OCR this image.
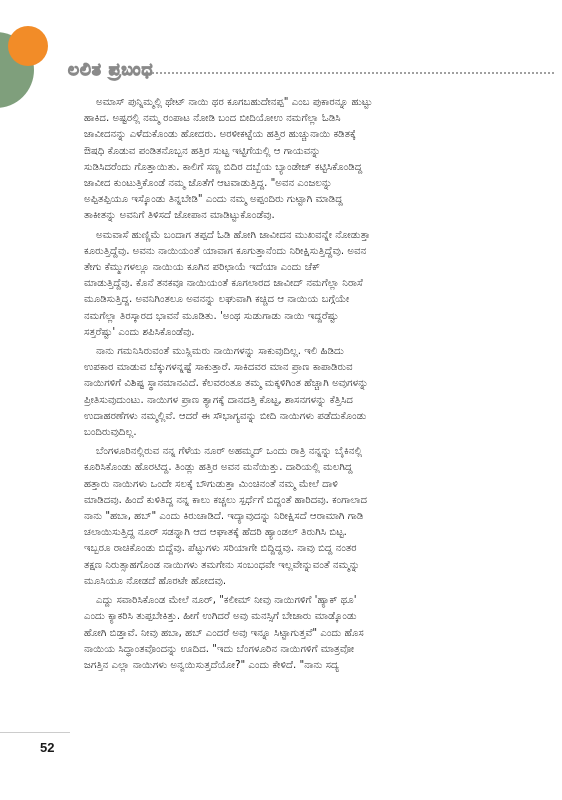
ಲಲಿತ ಪ್ರಬಂಧ
ಅಮಾಸ್ ಪುನ್ನಿಮ್ಮಲ್ಲಿ ಥೇಟ್ ನಾಯಿ ಥರ ಕೂಗಬಹುದೇನಪ್ಪ" ಎಂಬ ಪುಕಾರನ್ನೂ ಹುಟ್ಟು
ಹಾಕಿದ. ಅಷ್ಟರಲ್ಲಿ ನಮ್ಮ ರಂಪಾಟ ನೋಡಿ ಬಂದ ಬೀದಿಯೋಉ ನಮಗೆಲ್ಲಾ ಓಡಿಸಿ
ಜಾವೀದನನ್ನು ಎಳೆದುಕೊಂಡು ಹೋದರು. ಅರಳೀಕಟ್ಟೆಯ ಹತ್ತಿರ ಹುಚ್ಚುನಾಯಿ ಕಡಿತಕ್ಕೆ
ಔಷಧಿ ಕೊಡುವ ಪಂಡಿತನೊಬ್ಬನ ಹತ್ತಿರ ಸುಟ್ಟ ಇಟ್ಟಿಗೆಯಲ್ಲಿ ಆ ಗಾಯವನ್ನು
ಸುಡಿಸಿದರೆಂದು ಗೊತ್ತಾಯಿತು. ಕಾಲಿಗೆ ಸಣ್ಣ ಬಿದಿರ ದಬ್ಬೆಯ ಬ್ಯಾಂಡೇಜ್ ಕಟ್ಟಿಸಿಕೊಂಡಿದ್ದ
ಜಾವೀದ ಕುಂಟುತ್ತಿಕೊಂಡೆ ನಮ್ಮ ಜೊತೆಗೆ ಆಟವಾಡುತ್ತಿದ್ದ. "ಅವನ ಎಂಜಲನ್ನು
ಅಪ್ಪಿತಪ್ಪಿಯೂ ಇಸ್ಕೊಂಡು ತಿನ್ನಬೇಡಿ" ಎಂದು ನಮ್ಮ ಅಪ್ಪಂದಿರು ಗುಟ್ಟಾಗಿ ಮಾಡಿದ್ದ
ತಾಕೀತನ್ನು ಅವನಿಗೆ ತಿಳಿಸದೆ ಜೋಪಾನ ಮಾಡಿಟ್ಟುಕೊಂಡೆವು.
ಅಮವಾಸೆ ಹುಣ್ಣಿಮೆ ಬಂದಾಗ ತಪ್ಪದೆ ಓಡಿ ಹೋಗಿ ಜಾವೀದನ ಮುಖವನ್ನೇ ನೋಡುತ್ತಾ
ಕೂರುತ್ತಿದ್ದೆವು. ಅವನು ನಾಯಿಯಂತೆ ಯಾವಾಗ ಕೂಗುತ್ತಾನೆಂದು ನಿರೀಕ್ಷಿಸುತ್ತಿದ್ದೆವು. ಅವನ
ತೇಗು ಕೆಮ್ಮುಗಳಲ್ಲೂ ನಾಯಿಯ ಕೂಗಿನ ಪರಿಛಾಯೆ ಇದೆಯಾ ಎಂದು ಚೆಕ್
ಮಾಡುತ್ತಿದ್ದೆವು. ಕೊನೆ ತನಕವೂ ನಾಯಿಯಂತೆ ಕೂಗಲಾರದ ಜಾವೀದ್ ನಮಗೆಲ್ಲಾ ನಿರಾಸೆ
ಮೂಡಿಸುತ್ತಿದ್ದ. ಅವನಿಗಿಂತಲೂ ಅವನನ್ನು ಲಘುವಾಗಿ ಕಚ್ಚಿದ ಆ ನಾಯಿಯ ಬಗ್ಗೆಯೇ
ನಮಗೆಲ್ಲಾ ತಿರಸ್ಕಾರದ ಭಾವನೆ ಮೂಡಿತು. 'ಅಂಥ ಸುಡುಗಾಡು ನಾಯಿ ಇದ್ದರೆಷ್ಟು
ಸತ್ತರೆಷ್ಟು' ಎಂದು ಶಪಿಸಿಕೊಂಡೆವು.
ನಾನು ಗಮನಿಸಿರುವಂತೆ ಮುಸ್ಲಿಮರು ನಾಯಿಗಳನ್ನು ಸಾಕುವುದಿಲ್ಲ. ಇಲಿ ಹಿಡಿದು
ಉಪಕಾರ ಮಾಡುವ ಬೆಕ್ಕುಗಳನ್ನಷ್ಟೆ ಸಾಕುತ್ತಾರೆ. ಸಾಕಿದವರ ಮಾನ ಪ್ರಾಣ ಕಾಪಾಡಿರುವ
ನಾಯಿಗಳಿಗೆ ವಿಶಿಷ್ಟ ಸ್ಥಾನಮಾನವಿದೆ. ಕೆಲವರಂತೂ ತಮ್ಮ ಮಕ್ಕಳಿಗಿಂತ ಹೆಚ್ಚಾಗಿ ಅವುಗಳನ್ನು
ಪ್ರೀತಿಸುವುದುಂಟು. ನಾಯಿಗಳ ಪ್ರಾಣ ತ್ಯಾಗಕ್ಕೆ ದಾನದತ್ತಿ ಕೊಟ್ಟ, ಶಾಸನಗಳನ್ನು ಕೆತ್ತಿಸಿದ
ಉದಾಹರಣೆಗಳು ನಮ್ಮಲ್ಲಿವೆ. ಆದರೆ ಈ ಸೌಭಾಗ್ಯವನ್ನು ಬೀದಿ ನಾಯಿಗಳು ಪಡೆದುಕೊಂಡು
ಬಂದಿರುವುದಿಲ್ಲ.
ಬೆಂಗಳೂರಿನಲ್ಲಿರುವ ನನ್ನ ಗೆಳೆಯ ನೂರ್ ಅಹಮ್ಮದ್ ಒಂದು ರಾತ್ರಿ ನನ್ನನ್ನು ಬೈಕಿನಲ್ಲಿ
ಕೂರಿಸಿಕೊಂಡು ಹೊರಟಿದ್ದ. ತಿಂಡ್ಲು ಹತ್ತಿರ ಅವನ ಮನೆಯಿತ್ತು. ದಾರಿಯಲ್ಲಿ ಮಲಗಿದ್ದ
ಹತ್ತಾರು ನಾಯಿಗಳು ಒಂದೇ ಸಲಕ್ಕೆ ಬೌಗುಡುತ್ತಾ ಮಿಂಚಿನಂತೆ ನಮ್ಮ ಮೇಲೆ ದಾಳಿ
ಮಾಡಿದವು. ಹಿಂದೆ ಕುಳಿತಿದ್ದ ನನ್ನ ಕಾಲು ಕಚ್ಚಲು ಸ್ಪರ್ಧೆಗೆ ಬಿದ್ದಂತೆ ಹಾರಿದವು. ಕಂಗಾಲಾದ
ನಾನು "ಹಬಾ, ಹಬ್" ಎಂದು ಕಿರುಚಾಡಿದೆ. ಇದ್ಯಾವುದನ್ನು ನಿರೀಕ್ಷಿಸದೆ ಆರಾಮಾಗಿ ಗಾಡಿ
ಚಲಾಯಿಸುತ್ತಿದ್ದ ನೂರ್ ಸಡನ್ನಾಗಿ ಆದ ಆಘಾತಕ್ಕೆ ಹೆದರಿ ಹ್ಯಾಂಡಲ್ ತಿರುಗಿಸಿ ಬಿಟ್ಟ.
ಇಬ್ಬರೂ ರಾಚಿಕೊಂಡು ಬಿದ್ದೆವು. ಪೆಟ್ಟುಗಳು ಸರಿಯಾಗೇ ಬಿದ್ದಿದ್ದವು. ನಾವು ಬಿದ್ದ ನಂತರ
ತಕ್ಷಣ ನಿರುತ್ಸಾಹಗೊಂಡ ನಾಯಿಗಳು ತಮಗೇನು ಸಂಬಂಧವೇ ಇಲ್ಲವೇನ್ನುವಂತೆ ನಮ್ಮನ್ನು
ಮೂಸಿಯೂ ನೋಡದೆ ಹೊರಟೇ ಹೋದವು.
ಎದ್ದು ಸವಾರಿಸಿಕೊಂಡ ಮೇಲೆ ನೂರ್, "ಕಲೀಮ್ ನೀವು ನಾಯಿಗಳಿಗೆ 'ಹ್ಯಾಕ್ ಥೂ'
ಎಂದು ಕ್ಯಾಕರಿಸಿ ತುಪ್ಪಬೇಕಿತ್ತು. ಹೀಗೆ ಉಗಿದರೆ ಅವು ಮನಸ್ಸಿಗೆ ಬೇಜಾರು ಮಾಡ್ಕೊಂಡು
ಹೋಗಿ ಬಿಡ್ತಾವೆ. ನೀವು ಹಬಾ, ಹಬ್ ಎಂದರೆ ಅವು ಇನ್ನೂ ಸಿಟ್ಟಾಗುತ್ತವೆ" ಎಂದು ಹೊಸ
ನಾಯಿಯ ಸಿದ್ಧಾಂತವೊಂದನ್ನು ಊದಿದ. "ಇದು ಬೆಂಗಳೂರಿನ ನಾಯಿಗಳಿಗೆ ಮಾತ್ರವೋ
ಜಗತ್ತಿನ ಎಲ್ಲಾ ನಾಯಿಗಳು ಅನ್ವಯಿಸುತ್ತದೆಯೋ?" ಎಂದು ಕೇಳಿದೆ. "ನಾನು ಸದ್ಯ
52
